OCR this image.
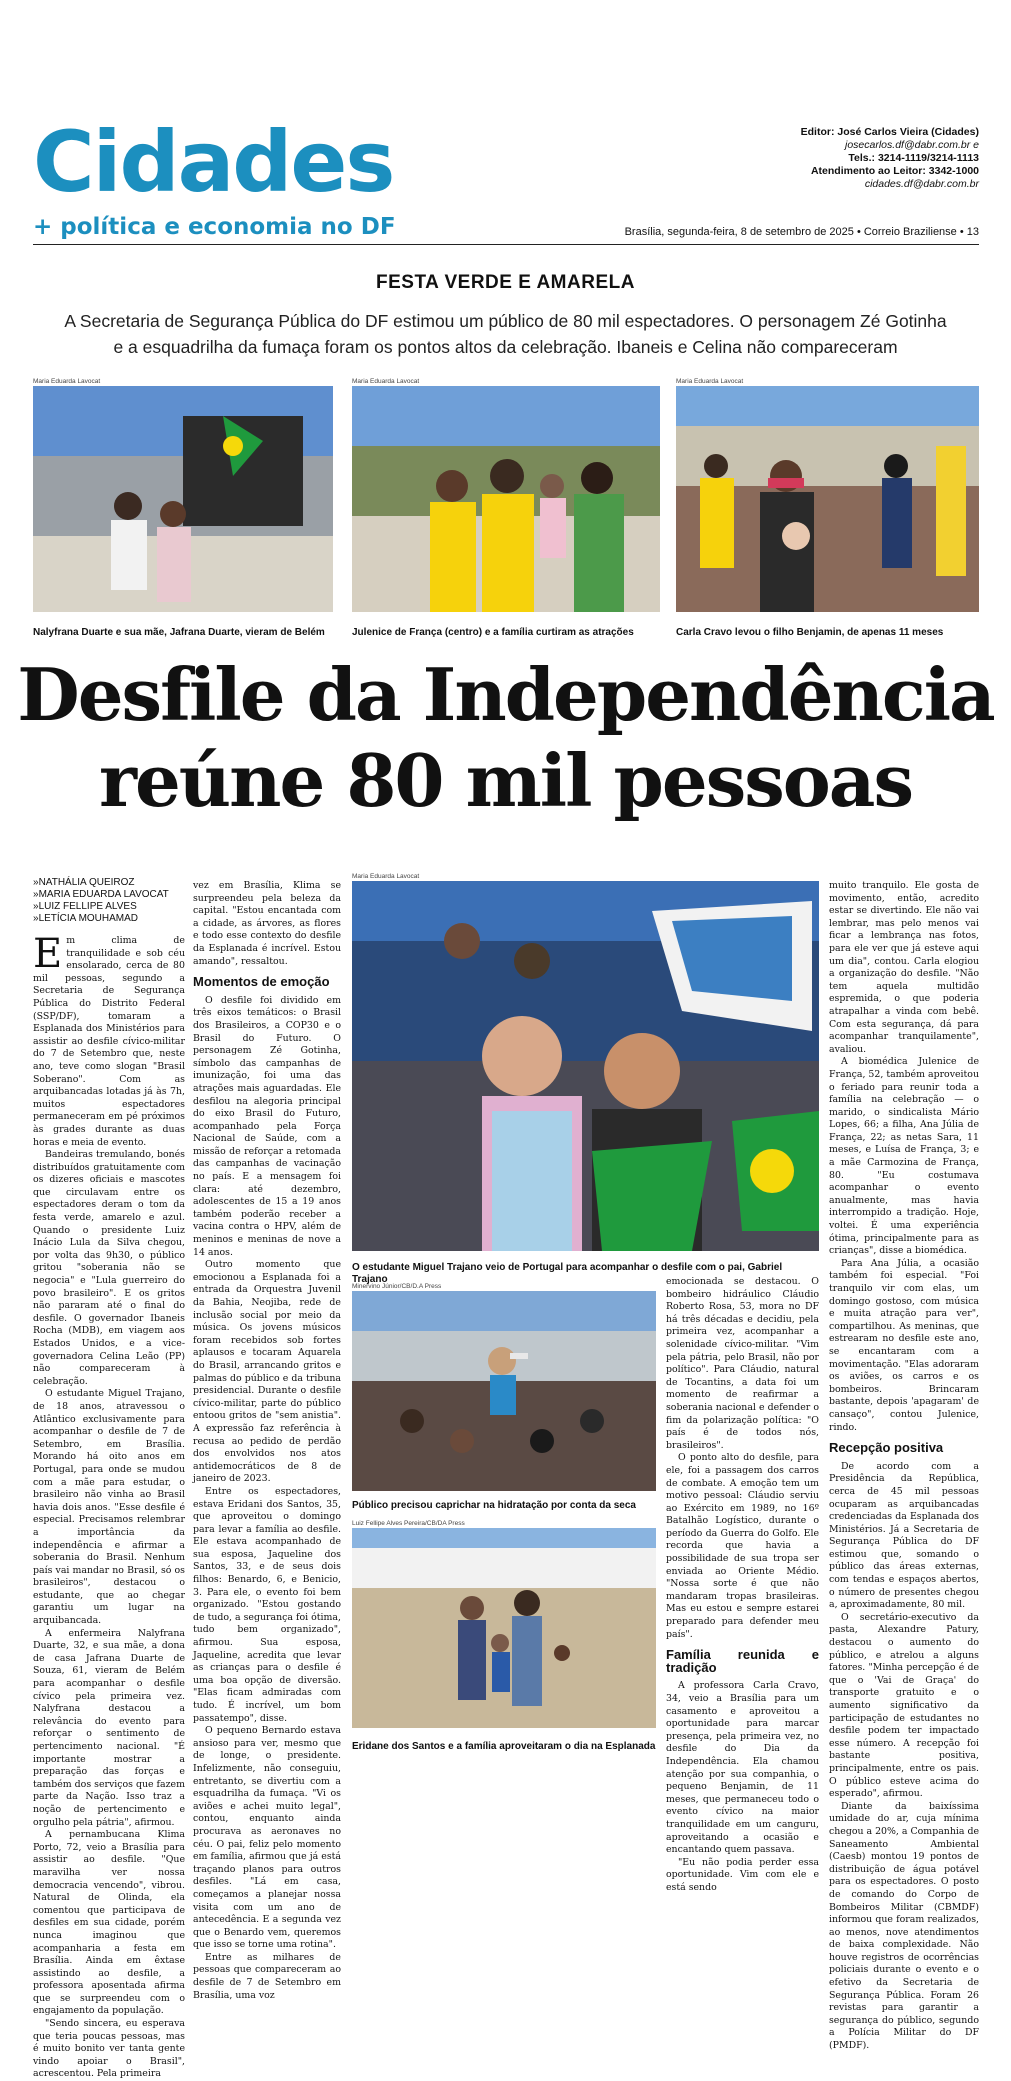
Cidades
+ política e economia no DF
Editor: José Carlos Vieira (Cidades)
josecarlos.df@dabr.com.br e
Tels.: 3214-1119/3214-1113
Atendimento ao Leitor: 3342-1000
cidades.df@dabr.com.br
Brasília, segunda-feira, 8 de setembro de 2025 • Correio Braziliense • 13
FESTA VERDE E AMARELA
A Secretaria de Segurança Pública do DF estimou um público de 80 mil espectadores. O personagem Zé Gotinha e a esquadrilha da fumaça foram os pontos altos da celebração. Ibaneis e Celina não compareceram
Maria Eduarda Lavocat
Nalyfrana Duarte e sua mãe, Jafrana Duarte, vieram de Belém
Maria Eduarda Lavocat
Julenice de França (centro) e a família curtiram as atrações
Maria Eduarda Lavocat
Carla Cravo levou o filho Benjamin, de apenas 11 meses
Desfile da Independência
reúne 80 mil pessoas
» NATHÁLIA QUEIROZ
» MARIA EDUARDA LAVOCAT
» LUIZ FELLIPE ALVES
» LETÍCIA MOUHAMAD

Em clima de tranquilidade e sob céu ensolarado, cerca de 80 mil pessoas, segundo a Secretaria de Segurança Pública do Distrito Federal (SSP/DF), tomaram a Esplanada dos Ministérios para assistir ao desfile cívico-militar do 7 de Setembro que, neste ano, teve como slogan "Brasil Soberano". Com as arquibancadas lotadas já às 7h, muitos espectadores permaneceram em pé próximos às grades durante as duas horas e meia de evento.

Bandeiras tremulando, bonés distribuídos gratuitamente com os dizeres oficiais e mascotes que circulavam entre os espectadores deram o tom da festa verde, amarelo e azul. Quando o presidente Luiz Inácio Lula da Silva chegou, por volta das 9h30, o público gritou "soberania não se negocia" e "Lula guerreiro do povo brasileiro". E os gritos não pararam até o final do desfile. O governador Ibaneis Rocha (MDB), em viagem aos Estados Unidos, e a vice-governadora Celina Leão (PP) não compareceram à celebração.

O estudante Miguel Trajano, de 18 anos, atravessou o Atlântico exclusivamente para acompanhar o desfile de 7 de Setembro, em Brasília. Morando há oito anos em Portugal, para onde se mudou com a mãe para estudar, o brasileiro não vinha ao Brasil havia dois anos. "Esse desfile é especial. Precisamos relembrar a importância da independência e afirmar a soberania do Brasil. Nenhum país vai mandar no Brasil, só os brasileiros", destacou o estudante, que ao chegar garantiu um lugar na arquibancada.

A enfermeira Nalyfrana Duarte, 32, e sua mãe, a dona de casa Jafrana Duarte de Souza, 61, vieram de Belém para acompanhar o desfile cívico pela primeira vez. Nalyfrana destacou a relevância do evento para reforçar o sentimento de pertencimento nacional. "É importante mostrar a preparação das forças e também dos serviços que fazem parte da Nação. Isso traz a noção de pertencimento e orgulho pela pátria", afirmou.

A pernambucana Klima Porto, 72, veio a Brasília para assistir ao desfile. "Que maravilha ver nossa democracia vencendo", vibrou. Natural de Olinda, ela comentou que participava de desfiles em sua cidade, porém nunca imaginou que acompanharia a festa em Brasília. Ainda em êxtase assistindo ao desfile, a professora aposentada afirma que se surpreendeu com o engajamento da população.

"Sendo sincera, eu esperava que teria poucas pessoas, mas é muito bonito ver tanta gente vindo apoiar o Brasil", acrescentou. Pela primeira

vez em Brasília, Klima se surpreendeu pela beleza da capital. "Estou encantada com a cidade, as árvores, as flores e todo esse contexto do desfile da Esplanada é incrível. Estou amando", ressaltou.

Momentos de emoção

O desfile foi dividido em três eixos temáticos: o Brasil dos Brasileiros, a COP30 e o Brasil do Futuro. O personagem Zé Gotinha, símbolo das campanhas de imunização, foi uma das atrações mais aguardadas. Ele desfilou na alegoria principal do eixo Brasil do Futuro, acompanhado pela Força Nacional de Saúde, com a missão de reforçar a retomada das campanhas de vacinação no país. E a mensagem foi clara: até dezembro, adolescentes de 15 a 19 anos também poderão receber a vacina contra o HPV, além de meninos e meninas de nove a 14 anos.

Outro momento que emocionou a Esplanada foi a entrada da Orquestra Juvenil da Bahia, Neojiba, rede de inclusão social por meio da música. Os jovens músicos foram recebidos sob fortes aplausos e tocaram Aquarela do Brasil, arrancando gritos e palmas do público e da tribuna presidencial. Durante o desfile cívico-militar, parte do público entoou gritos de "sem anistia". A expressão faz referência à recusa ao pedido de perdão dos envolvidos nos atos antidemocráticos de 8 de janeiro de 2023.

Entre os espectadores, estava Eridani dos Santos, 35, que aproveitou o domingo para levar a família ao desfile. Ele estava acompanhado de sua esposa, Jaqueline dos Santos, 33, e de seus dois filhos: Benardo, 6, e Benicio, 3. Para ele, o evento foi bem organizado. "Estou gostando de tudo, a segurança foi ótima, tudo bem organizado", afirmou. Sua esposa, Jaqueline, acredita que levar as crianças para o desfile é uma boa opção de diversão. "Elas ficam admiradas com tudo. É incrível, um bom passatempo", disse.

O pequeno Bernardo estava ansioso para ver, mesmo que de longe, o presidente. Infelizmente, não conseguiu, entretanto, se divertiu com a esquadrilha da fumaça. "Vi os aviões e achei muito legal", contou, enquanto ainda procurava as aeronaves no céu. O pai, feliz pelo momento em família, afirmou que já está traçando planos para outros desfiles. "Lá em casa, começamos a planejar nossa visita com um ano de antecedência. E a segunda vez que o Benardo vem, queremos que isso se torne uma rotina".

Entre as milhares de pessoas que compareceram ao desfile de 7 de Setembro em Brasília, uma voz

Maria Eduarda Lavocat
O estudante Miguel Trajano veio de Portugal para acompanhar o desfile com o pai, Gabriel Trajano

muito tranquilo. Ele gosta de movimento, então, acredito estar se divertindo. Ele não vai lembrar, mas pelo menos vai ficar a lembrança nas fotos, para ele ver que já esteve aqui um dia", contou. Carla elogiou a organização do desfile. "Não tem aquela multidão espremida, o que poderia atrapalhar a vinda com bebê. Com esta segurança, dá para acompanhar tranquilamente", avaliou.

A biomédica Julenice de França, 52, também aproveitou o feriado para reunir toda a família na celebração — o marido, o sindicalista Mário Lopes, 66; a filha, Ana Júlia de França, 22; as netas Sara, 11 meses, e Luísa de França, 3; e a mãe Carmozina de França, 80. "Eu costumava acompanhar o evento anualmente, mas havia interrompido a tradição. Hoje, voltei. É uma experiência ótima, principalmente para as crianças", disse a biomédica.

Para Ana Júlia, a ocasião também foi especial. "Foi tranquilo vir com elas, um domingo gostoso, com música e muita atração para ver", compartilhou. As meninas, que estrearam no desfile este ano, se encantaram com a movimentação. "Elas adoraram os aviões, os carros e os bombeiros. Brincaram bastante, depois 'apagaram' de cansaço", contou Julenice, rindo.

Recepção positiva

De acordo com a Presidência da República, cerca de 45 mil pessoas ocuparam as arquibancadas credenciadas da Esplanada dos Ministérios. Já a Secretaria de Segurança Pública do DF estimou que, somando o público das áreas externas, com tendas e espaços abertos, o número de presentes chegou a, aproximadamente, 80 mil.

O secretário-executivo da pasta, Alexandre Patury, destacou o aumento do público, e atrelou a alguns fatores. "Minha percepção é de que o 'Vai de Graça' do transporte gratuito e o aumento significativo da participação de estudantes no desfile podem ter impactado esse número. A recepção foi bastante positiva, principalmente, entre os pais. O público esteve acima do esperado", afirmou.

Diante da baixíssima umidade do ar, cuja mínima chegou a 20%, a Companhia de Saneamento Ambiental (Caesb) montou 19 pontos de distribuição de água potável para os espectadores. O posto de comando do Corpo de Bombeiros Militar (CBMDF) informou que foram realizados, ao menos, nove atendimentos de baixa complexidade. Não houve registros de ocorrências policiais durante o evento e o efetivo da Secretaria de Segurança Pública. Foram 26 revistas para garantir a segurança do público, segundo a Polícia Militar do DF (PMDF).

Minervino Júnior/CB/D.A Press
Público precisou caprichar na hidratação por conta da seca

emocionada se destacou. O bombeiro hidráulico Cláudio Roberto Rosa, 53, mora no DF há três décadas e decidiu, pela primeira vez, acompanhar a solenidade cívico-militar. "Vim pela pátria, pelo Brasil, não por político". Para Cláudio, natural de Tocantins, a data foi um momento de reafirmar a soberania nacional e defender o fim da polarização política: "O país é de todos nós, brasileiros".

O ponto alto do desfile, para ele, foi a passagem dos carros de combate. A emoção tem um motivo pessoal: Cláudio serviu ao Exército em 1989, no 16º Batalhão Logístico, durante o período da Guerra do Golfo. Ele recorda que havia a possibilidade de sua tropa ser enviada ao Oriente Médio. "Nossa sorte é que não mandaram tropas brasileiras. Mas eu estou e sempre estarei preparado para defender meu país".

Família reunida e tradição

A professora Carla Cravo, 34, veio a Brasília para um casamento e aproveitou a oportunidade para marcar presença, pela primeira vez, no desfile do Dia da Independência. Ela chamou atenção por sua companhia, o pequeno Benjamin, de 11 meses, que permaneceu todo o evento cívico na maior tranquilidade em um canguru, aproveitando a ocasião e encantando quem passava.

"Eu não podia perder essa oportunidade. Vim com ele e está sendo

Luiz Fellipe Alves Pereira/CB/DA Press
Eridane dos Santos e a família aproveitaram o dia na Esplanada
